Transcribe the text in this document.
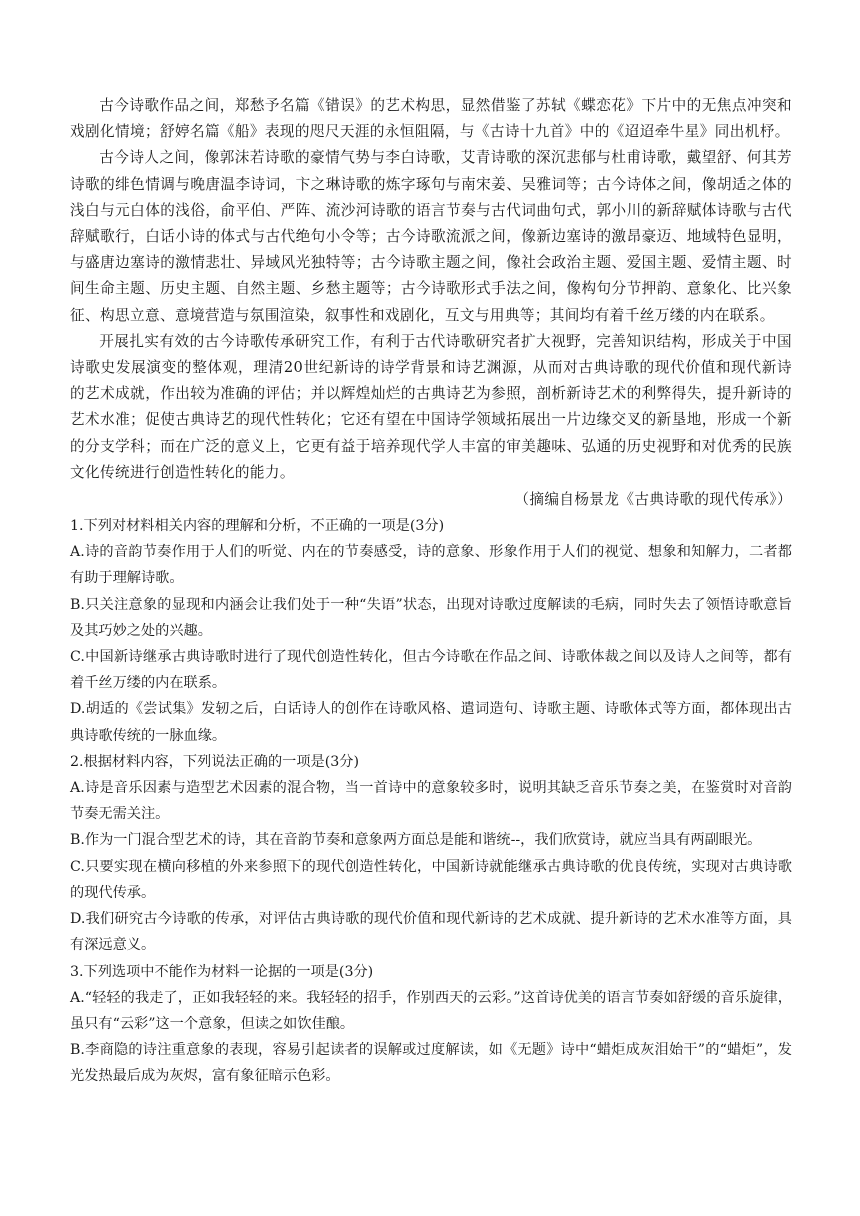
古今诗歌作品之间，郑愁予名篇《错误》的艺术构思，显然借鉴了苏轼《蝶恋花》下片中的无焦点冲突和戏剧化情境；舒婷名篇《船》表现的咫尺天涯的永恒阻隔，与《古诗十九首》中的《迢迢牵牛星》同出机杼。

古今诗人之间，像郭沫若诗歌的豪情气势与李白诗歌，艾青诗歌的深沉悲郁与杜甫诗歌，戴望舒、何其芳诗歌的绯色情调与晚唐温李诗词，卞之琳诗歌的炼字琢句与南宋姜、吴雅词等；古今诗体之间，像胡适之体的浅白与元白体的浅俗，俞平伯、严阵、流沙河诗歌的语言节奏与古代词曲句式，郭小川的新辞赋体诗歌与古代辞赋歌行，白话小诗的体式与古代绝句小令等；古今诗歌流派之间，像新边塞诗的激昂豪迈、地域特色显明，与盛唐边塞诗的激情悲壮、异域风光独特等；古今诗歌主题之间，像社会政治主题、爱国主题、爱情主题、时间生命主题、历史主题、自然主题、乡愁主题等；古今诗歌形式手法之间，像构句分节押韵、意象化、比兴象征、构思立意、意境营造与氛围渲染，叙事性和戏剧化，互文与用典等；其间均有着千丝万缕的内在联系。

开展扎实有效的古今诗歌传承研究工作，有利于古代诗歌研究者扩大视野，完善知识结构，形成关于中国诗歌史发展演变的整体观，理清20世纪新诗的诗学背景和诗艺渊源，从而对古典诗歌的现代价值和现代新诗的艺术成就，作出较为准确的评估；并以辉煌灿烂的古典诗艺为参照，剖析新诗艺术的利弊得失，提升新诗的艺术水准；促使古典诗艺的现代性转化；它还有望在中国诗学领域拓展出一片边缘交叉的新垦地，形成一个新的分支学科；而在广泛的意义上，它更有益于培养现代学人丰富的审美趣味、弘通的历史视野和对优秀的民族文化传统进行创造性转化的能力。

（摘编自杨景龙《古典诗歌的现代传承》）

1.下列对材料相关内容的理解和分析，不正确的一项是(3分)

A.诗的音韵节奏作用于人们的听觉、内在的节奏感受，诗的意象、形象作用于人们的视觉、想象和知解力，二者都有助于理解诗歌。

B.只关注意象的显现和内涵会让我们处于一种“失语”状态，出现对诗歌过度解读的毛病，同时失去了领悟诗歌意旨及其巧妙之处的兴趣。

C.中国新诗继承古典诗歌时进行了现代创造性转化，但古今诗歌在作品之间、诗歌体裁之间以及诗人之间等，都有着千丝万缕的内在联系。

D.胡适的《尝试集》发轫之后，白话诗人的创作在诗歌风格、遣词造句、诗歌主题、诗歌体式等方面，都体现出古典诗歌传统的一脉血缘。

2.根据材料内容，下列说法正确的一项是(3分)

A.诗是音乐因素与造型艺术因素的混合物，当一首诗中的意象较多时，说明其缺乏音乐节奏之美，在鉴赏时对音韵节奏无需关注。

B.作为一门混合型艺术的诗，其在音韵节奏和意象两方面总是能和谐统--，我们欣赏诗，就应当具有两副眼光。

C.只要实现在横向移植的外来参照下的现代创造性转化，中国新诗就能继承古典诗歌的优良传统，实现对古典诗歌的现代传承。

D.我们研究古今诗歌的传承，对评估古典诗歌的现代价值和现代新诗的艺术成就、提升新诗的艺术水准等方面，具有深远意义。

3.下列选项中不能作为材料一论据的一项是(3分)

A.“轻轻的我走了，正如我轻轻的来。我轻轻的招手，作别西天的云彩。”这首诗优美的语言节奏如舒缓的音乐旋律，虽只有“云彩”这一个意象，但读之如饮佳酿。

B.李商隐的诗注重意象的表现，容易引起读者的误解或过度解读，如《无题》诗中“蜡炬成灰泪始干”的“蜡炬”，发光发热最后成为灰烬，富有象征暗示色彩。
